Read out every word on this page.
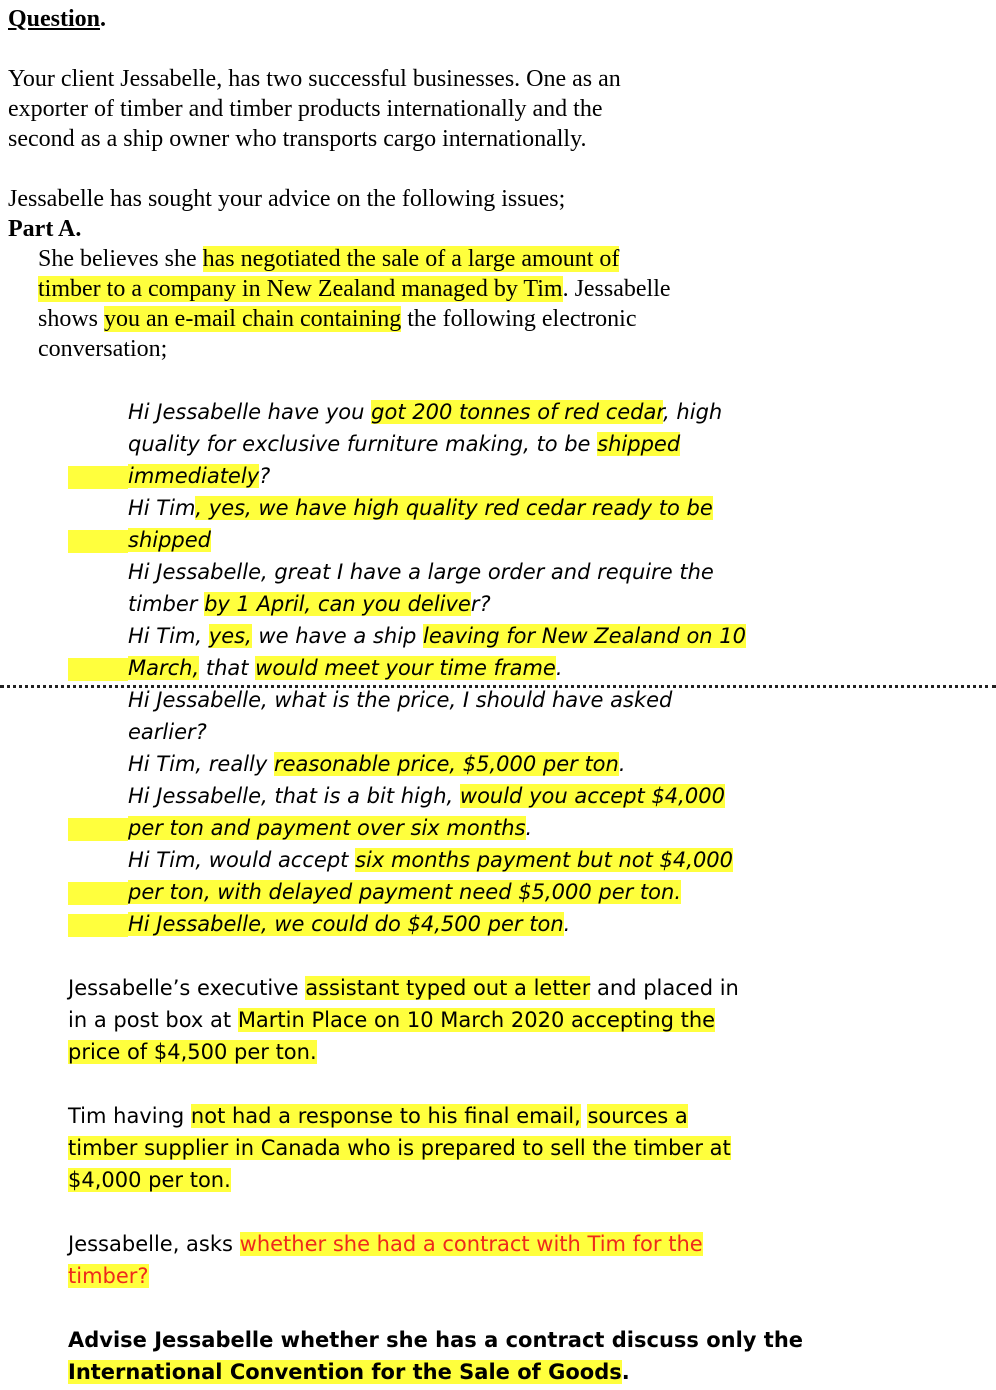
Question.
Your client Jessabelle, has two successful businesses. One as an
exporter of timber and timber products internationally and the
second as a ship owner who transports cargo internationally.
Jessabelle has sought your advice on the following issues;
Part A.
She believes she has negotiated the sale of a large amount of
timber to a company in New Zealand managed by Tim. Jessabelle
shows you an e-mail chain containing the following electronic
conversation;
Hi Jessabelle have you got 200 tonnes of red cedar, high
quality for exclusive furniture making, to be shipped
immediately?
Hi Tim, yes, we have high quality red cedar ready to be
shipped
Hi Jessabelle, great I have a large order and require the
timber by 1 April, can you deliver?
Hi Tim, yes, we have a ship leaving for New Zealand on 10
March, that would meet your time frame.
Hi Jessabelle, what is the price, I should have asked
earlier?
Hi Tim, really reasonable price, $5,000 per ton.
Hi Jessabelle, that is a bit high, would you accept $4,000
per ton and payment over six months.
Hi Tim, would accept six months payment but not $4,000
per ton, with delayed payment need $5,000 per ton.
Hi Jessabelle, we could do $4,500 per ton.
Jessabelle’s executive assistant typed out a letter and placed in
in a post box at Martin Place on 10 March 2020 accepting the
price of $4,500 per ton.
Tim having not had a response to his final email, sources a
timber supplier in Canada who is prepared to sell the timber at
$4,000 per ton.
Jessabelle, asks whether she had a contract with Tim for the
timber?
Advise Jessabelle whether she has a contract discuss only the
International Convention for the Sale of Goods.
